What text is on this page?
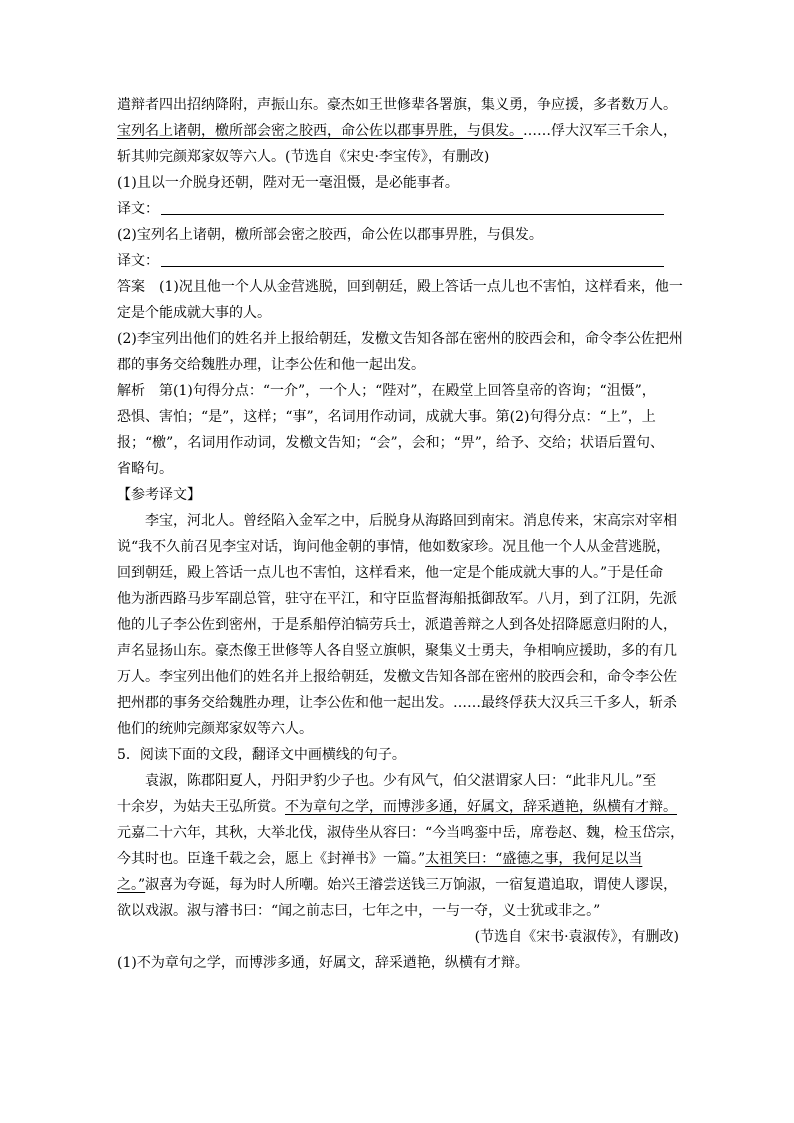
遣辩者四出招纳降附，声振山东。豪杰如王世修辈各署旗，集义勇，争应援，多者数万人。
宝列名上诸朝，檄所部会密之胶西，命公佐以郡事畀胜，与俱发。……俘大汉军三千余人，
斩其帅完颜郑家奴等六人。(节选自《宋史·李宝传》，有删改)
(1)且以一介脱身还朝，陛对无一毫沮慑，是必能事者。
译文：
(2)宝列名上诸朝，檄所部会密之胶西，命公佐以郡事畀胜，与俱发。
译文：
答案　(1)况且他一个人从金营逃脱，回到朝廷，殿上答话一点儿也不害怕，这样看来，他一
定是个能成就大事的人。
(2)李宝列出他们的姓名并上报给朝廷，发檄文告知各部在密州的胶西会和，命令李公佐把州
郡的事务交给魏胜办理，让李公佐和他一起出发。
解析　第(1)句得分点：“一介”，一个人；“陛对”，在殿堂上回答皇帝的咨询；“沮慑”，
恐惧、害怕；“是”，这样；“事”，名词用作动词，成就大事。第(2)句得分点：“上”，上
报；“檄”，名词用作动词，发檄文告知；“会”，会和；“畀”，给予、交给；状语后置句、
省略句。
【参考译文】
李宝，河北人。曾经陷入金军之中，后脱身从海路回到南宋。消息传来，宋高宗对宰相
说“我不久前召见李宝对话，询问他金朝的事情，他如数家珍。况且他一个人从金营逃脱，
回到朝廷，殿上答话一点儿也不害怕，这样看来，他一定是个能成就大事的人。”于是任命
他为浙西路马步军副总管，驻守在平江，和守臣监督海船抵御敌军。八月，到了江阴，先派
他的儿子李公佐到密州，于是系船停泊犒劳兵士，派遣善辩之人到各处招降愿意归附的人，
声名显扬山东。豪杰像王世修等人各自竖立旗帜，聚集义士勇夫，争相响应援助，多的有几
万人。李宝列出他们的姓名并上报给朝廷，发檄文告知各部在密州的胶西会和，命令李公佐
把州郡的事务交给魏胜办理，让李公佐和他一起出发。……最终俘获大汉兵三千多人，斩杀
他们的统帅完颜郑家奴等六人。
5．阅读下面的文段，翻译文中画横线的句子。
袁淑，陈郡阳夏人，丹阳尹豹少子也。少有风气，伯父湛谓家人曰：“此非凡儿。”至
十余岁，为姑夫王弘所赏。不为章句之学，而博涉多通，好属文，辞采遒艳，纵横有才辩。
元嘉二十六年，其秋，大举北伐，淑侍坐从容曰：“今当鸣銮中岳，席卷赵、魏，检玉岱宗，
今其时也。臣逢千载之会，愿上《封禅书》一篇。”太祖笑曰：“盛德之事，我何足以当
之。”淑喜为夸诞，每为时人所嘲。始兴王濬尝送钱三万饷淑，一宿复遣追取，谓使人谬误，
欲以戏淑。淑与濬书曰：“闻之前志曰，七年之中，一与一夺，义士犹或非之。”
(节选自《宋书·袁淑传》，有删改)
(1)不为章句之学，而博涉多通，好属文，辞采遒艳，纵横有才辩。
